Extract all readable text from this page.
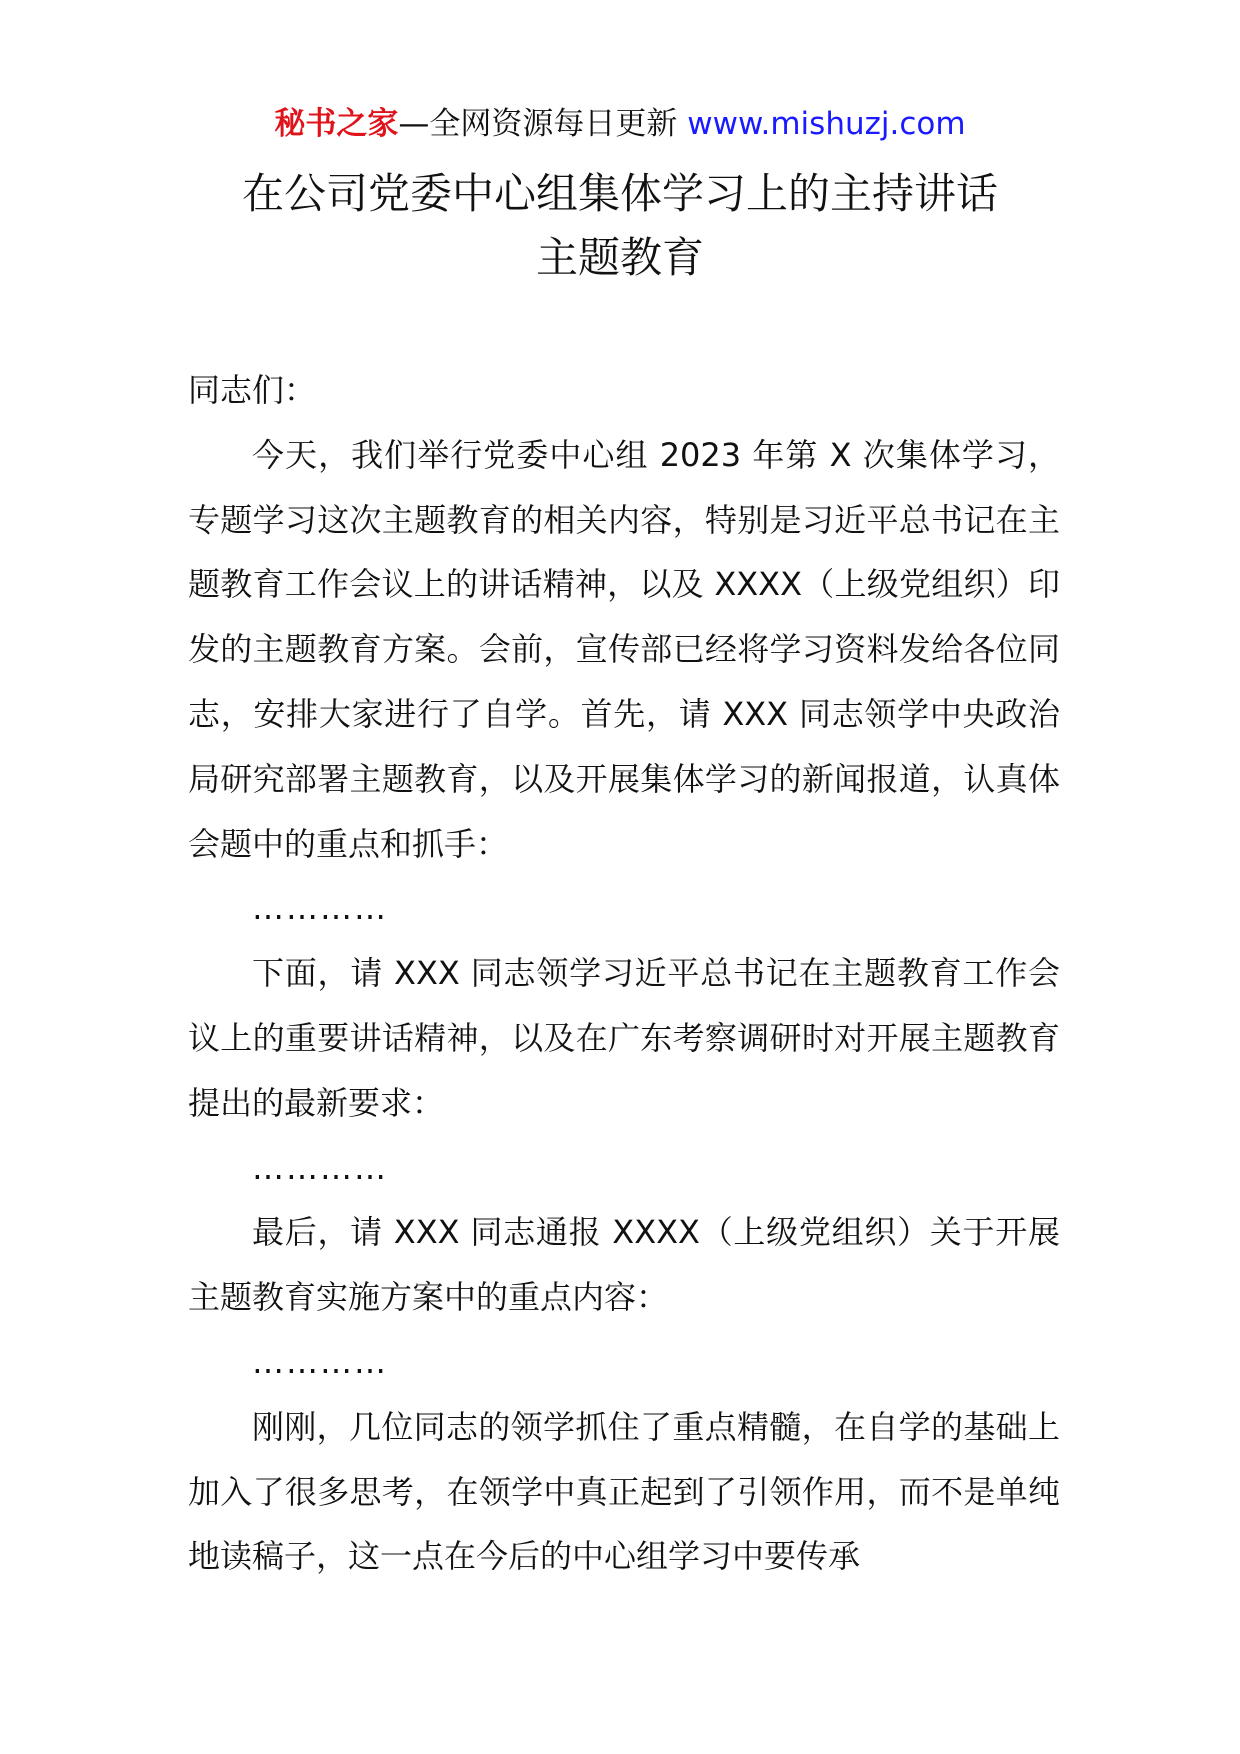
秘书之家—全网资源每日更新 www.mishuzj.com
在公司党委中心组集体学习上的主持讲话
主题教育

同志们：

今天，我们举行党委中心组 2023 年第 X 次集体学习，专题学习这次主题教育的相关内容，特别是习近平总书记在主题教育工作会议上的讲话精神，以及 XXXX（上级党组织）印发的主题教育方案。会前，宣传部已经将学习资料发给各位同志，安排大家进行了自学。首先，请 XXX 同志领学中央政治局研究部署主题教育，以及开展集体学习的新闻报道，认真体会题中的重点和抓手：

…………

下面，请 XXX 同志领学习近平总书记在主题教育工作会议上的重要讲话精神，以及在广东考察调研时对开展主题教育提出的最新要求：

…………

最后，请 XXX 同志通报 XXXX（上级党组织）关于开展主题教育实施方案中的重点内容：

…………

刚刚，几位同志的领学抓住了重点精髓，在自学的基础上加入了很多思考，在领学中真正起到了引领作用，而不是单纯地读稿子，这一点在今后的中心组学习中要传承
